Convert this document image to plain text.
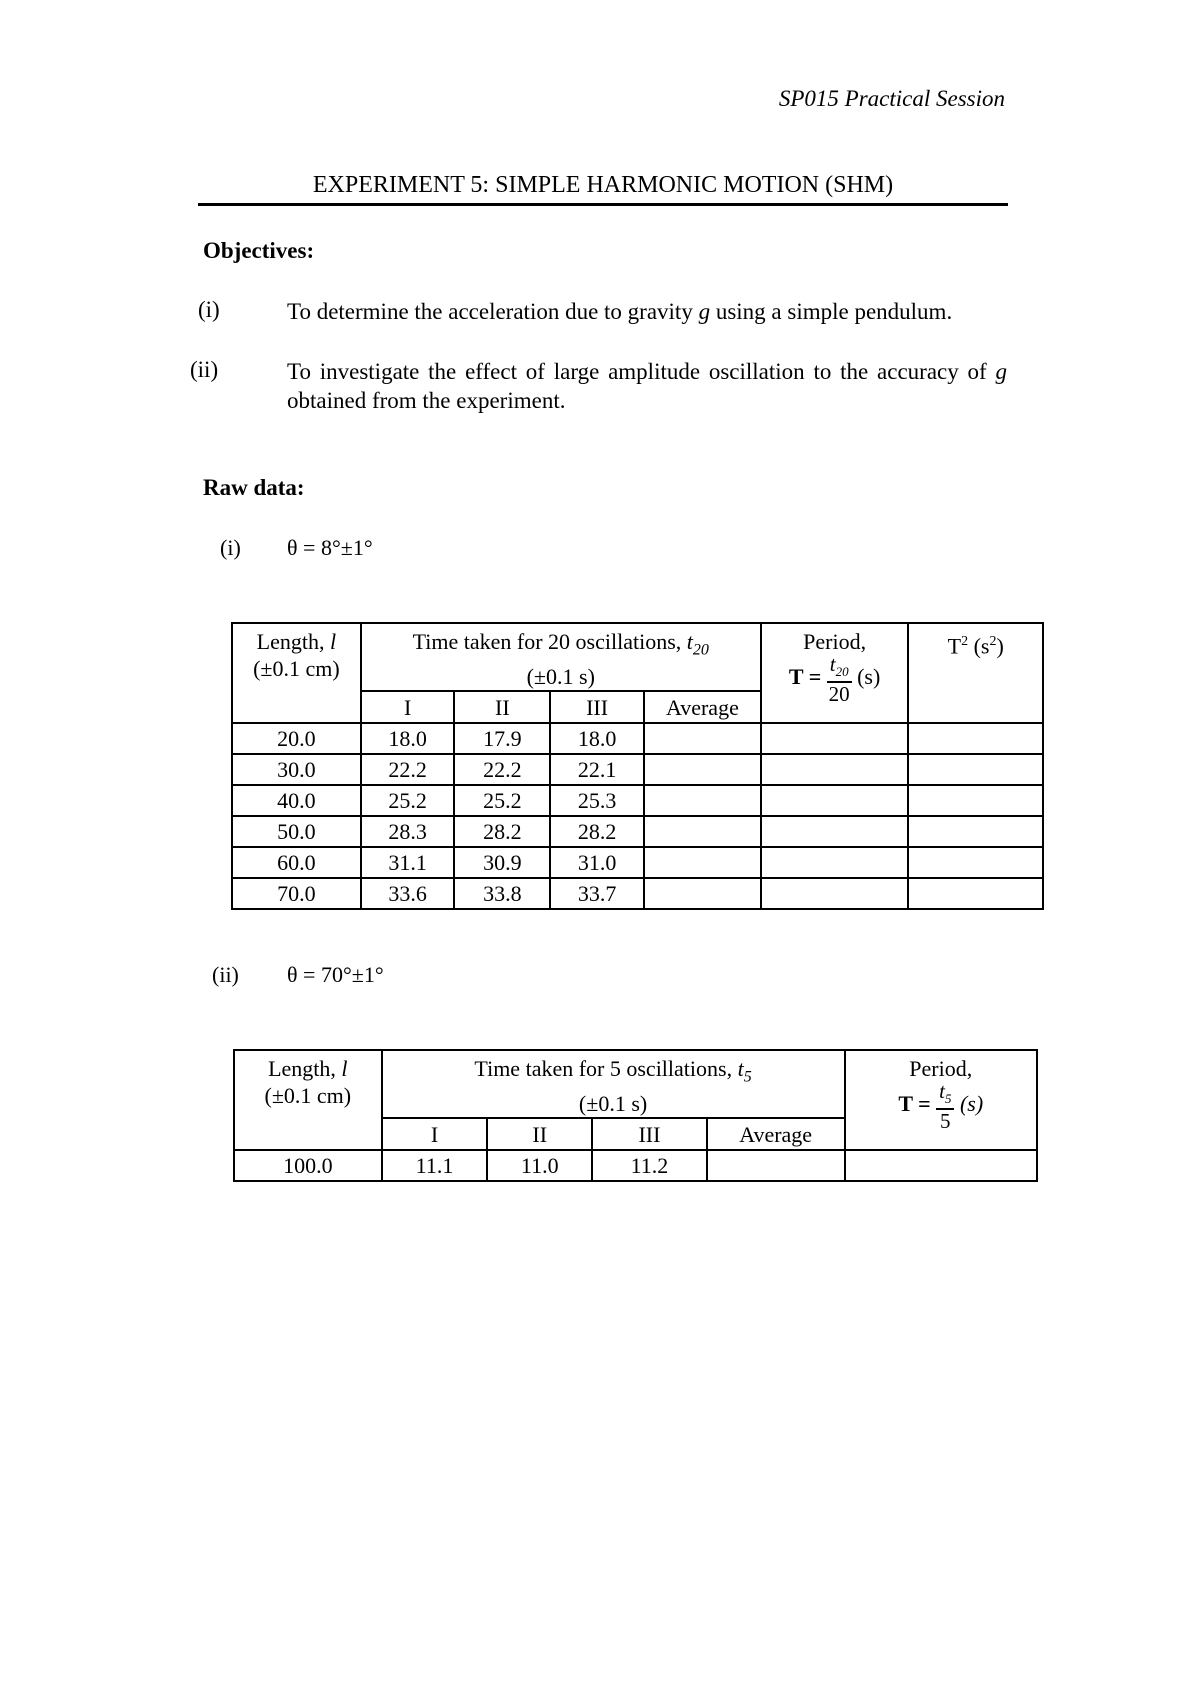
SP015 Practical Session
EXPERIMENT 5: SIMPLE HARMONIC MOTION (SHM)
Objectives:
(i)	To determine the acceleration due to gravity g using a simple pendulum.
(ii)	To investigate the effect of large amplitude oscillation to the accuracy of g obtained from the experiment.
Raw data:
(i) θ = 8°±1°
Length, l
(±0.1 cm)	Time taken for 20 oscillations, $t_{20}$
(±0.1 s)				Period,
$T = \frac{t_{20}}{20} (s)$	$T^2$ $(s^2)$
	I	II	III	Average		
20.0	18.0	17.9	18.0			
30.0	22.2	22.2	22.1			
40.0	25.2	25.2	25.3			
50.0	28.3	28.2	28.2			
60.0	31.1	30.9	31.0			
70.0	33.6	33.8	33.7			
(ii) θ = 70°±1°
Length, l
(±0.1 cm)	Time taken for 5 oscillations, $t_5$
(±0.1 s)				Period,
$T = \frac{t_5}{5} (s)$
	I	II	III	Average	
100.0	11.1	11.0	11.2		
